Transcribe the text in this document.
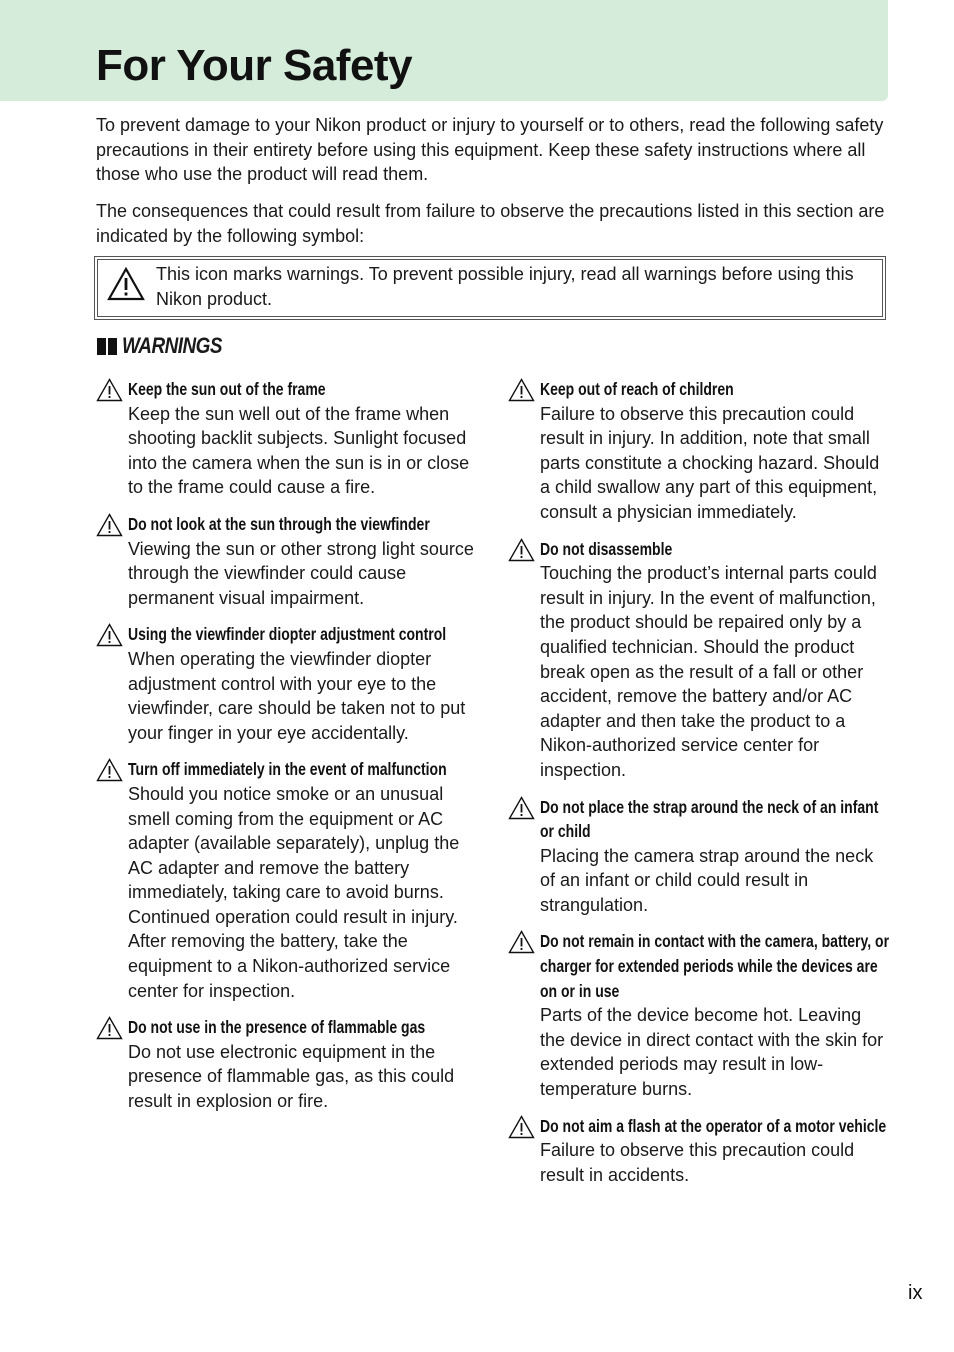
For Your Safety

To prevent damage to your Nikon product or injury to yourself or to others, read the following safety precautions in their entirety before using this equipment. Keep these safety instructions where all those who use the product will read them.

The consequences that could result from failure to observe the precautions listed in this section are indicated by the following symbol:

This icon marks warnings. To prevent possible injury, read all warnings before using this Nikon product.
WARNINGS
Keep the sun out of the frame
Keep the sun well out of the frame when shooting backlit subjects. Sunlight focused into the camera when the sun is in or close to the frame could cause a fire.
Do not look at the sun through the viewfinder
Viewing the sun or other strong light source through the viewfinder could cause permanent visual impairment.
Using the viewfinder diopter adjustment control
When operating the viewfinder diopter adjustment control with your eye to the viewfinder, care should be taken not to put your finger in your eye accidentally.
Turn off immediately in the event of malfunction
Should you notice smoke or an unusual smell coming from the equipment or AC adapter (available separately), unplug the AC adapter and remove the battery immediately, taking care to avoid burns. Continued operation could result in injury. After removing the battery, take the equipment to a Nikon-authorized service center for inspection.
Do not use in the presence of flammable gas
Do not use electronic equipment in the presence of flammable gas, as this could result in explosion or fire.
Keep out of reach of children
Failure to observe this precaution could result in injury. In addition, note that small parts constitute a chocking hazard. Should a child swallow any part of this equipment, consult a physician immediately.
Do not disassemble
Touching the product’s internal parts could result in injury. In the event of malfunction, the product should be repaired only by a qualified technician. Should the product break open as the result of a fall or other accident, remove the battery and/or AC adapter and then take the product to a Nikon-authorized service center for inspection.
Do not place the strap around the neck of an infant or child
Placing the camera strap around the neck of an infant or child could result in strangulation.
Do not remain in contact with the camera, battery, or charger for extended periods while the devices are on or in use
Parts of the device become hot. Leaving the device in direct contact with the skin for extended periods may result in low-temperature burns.
Do not aim a flash at the operator of a motor vehicle
Failure to observe this precaution could result in accidents.
ix
